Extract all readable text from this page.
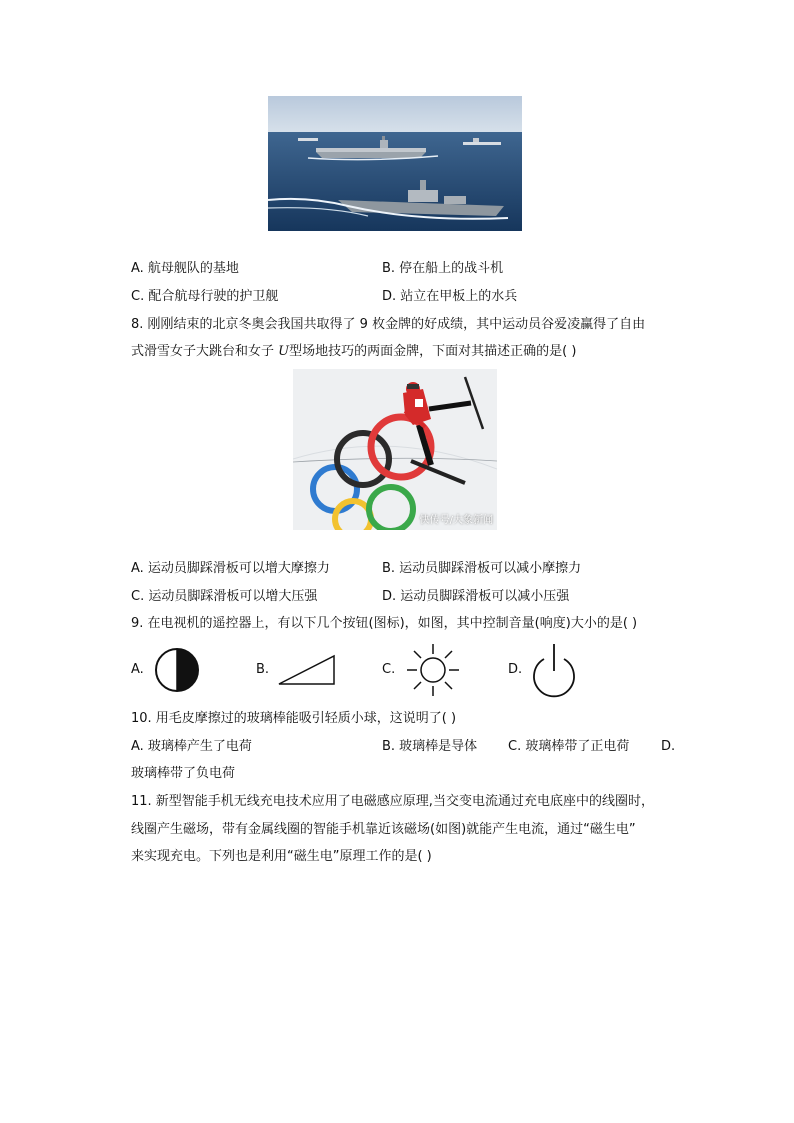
A. 航母舰队的基地	B. 停在船上的战斗机
C. 配合航母行驶的护卫舰	D. 站立在甲板上的水兵
8. 刚刚结束的北京冬奥会我国共取得了 9 枚金牌的好成绩，其中运动员谷爱凌赢得了自由
式滑雪女子大跳台和女子 U型场地技巧的两面金牌，下面对其描述正确的是( )
快传号/大象新闻
A. 运动员脚踩滑板可以增大摩擦力	B. 运动员脚踩滑板可以减小摩擦力
C. 运动员脚踩滑板可以增大压强	D. 运动员脚踩滑板可以减小压强
9. 在电视机的遥控器上，有以下几个按钮(图标)，如图，其中控制音量(响度)大小的是( )
A.	B.	C.	D.
10. 用毛皮摩擦过的玻璃棒能吸引轻质小球，这说明了( )
A. 玻璃棒产生了电荷	B. 玻璃棒是导体 C. 玻璃棒带了正电荷 D.
玻璃棒带了负电荷
11. 新型智能手机无线充电技术应用了电磁感应原理,当交变电流通过充电底座中的线圈时，
线圈产生磁场，带有金属线圈的智能手机靠近该磁场(如图)就能产生电流，通过“磁生电”
来实现充电。下列也是利用“磁生电”原理工作的是( )
